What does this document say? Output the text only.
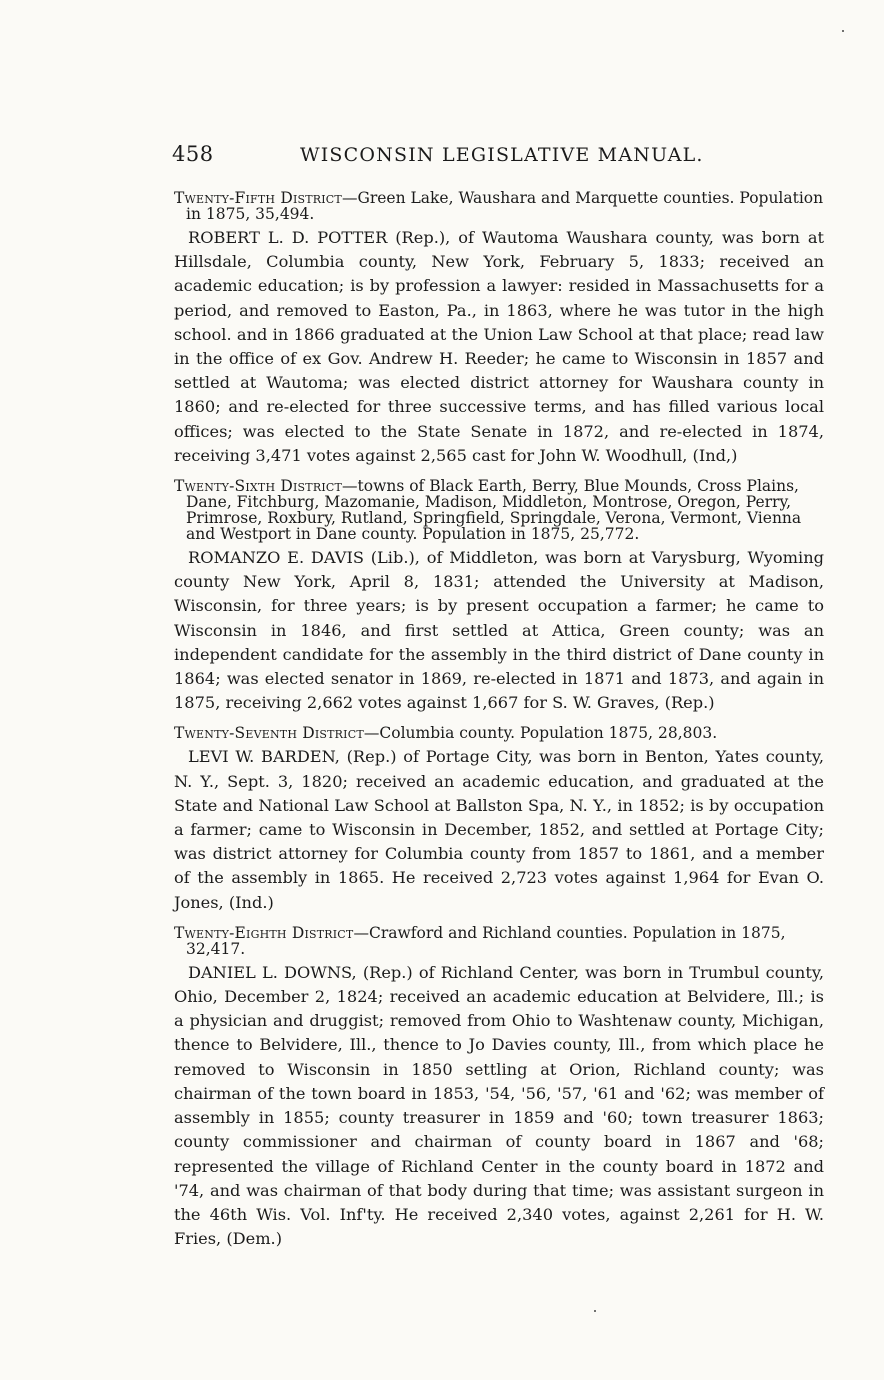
458	WISCONSIN LEGISLATIVE MANUAL.

Twenty-Fifth District—Green Lake, Waushara and Marquette counties. Population in 1875, 35,494.

ROBERT L. D. POTTER (Rep.), of Wautoma Waushara county, was born at Hillsdale, Columbia county, New York, February 5, 1833; received an academic education; is by profession a lawyer: resided in Massachusetts for a period, and removed to Easton, Pa., in 1863, where he was tutor in the high school. and in 1866 graduated at the Union Law School at that place; read law in the office of ex Gov. Andrew H. Reeder; he came to Wisconsin in 1857 and settled at Wautoma; was elected district attorney for Waushara county in 1860; and re-elected for three successive terms, and has filled various local offices; was elected to the State Senate in 1872, and re-elected in 1874, receiving 3,471 votes against 2,565 cast for John W. Woodhull, (Ind,)

Twenty-Sixth District—towns of Black Earth, Berry, Blue Mounds, Cross Plains, Dane, Fitchburg, Mazomanie, Madison, Middleton, Montrose, Oregon, Perry, Primrose, Roxbury, Rutland, Springfield, Springdale, Verona, Vermont, Vienna and Westport in Dane county. Population in 1875, 25,772.

ROMANZO E. DAVIS (Lib.), of Middleton, was born at Varysburg, Wyoming county New York, April 8, 1831; attended the University at Madison, Wisconsin, for three years; is by present occupation a farmer; he came to Wisconsin in 1846, and first settled at Attica, Green county; was an independent candidate for the assembly in the third district of Dane county in 1864; was elected senator in 1869, re-elected in 1871 and 1873, and again in 1875, receiving 2,662 votes against 1,667 for S. W. Graves, (Rep.)

Twenty-Seventh District—Columbia county. Population 1875, 28,803.

LEVI W. BARDEN, (Rep.) of Portage City, was born in Benton, Yates county, N. Y., Sept. 3, 1820; received an academic education, and graduated at the State and National Law School at Ballston Spa, N. Y., in 1852; is by occupation a farmer; came to Wisconsin in December, 1852, and settled at Portage City; was district attorney for Columbia county from 1857 to 1861, and a member of the assembly in 1865. He received 2,723 votes against 1,964 for Evan O. Jones, (Ind.)

Twenty-Eighth District—Crawford and Richland counties. Population in 1875, 32,417.

DANIEL L. DOWNS, (Rep.) of Richland Center, was born in Trumbul county, Ohio, December 2, 1824; received an academic education at Belvidere, Ill.; is a physician and druggist; removed from Ohio to Washtenaw county, Michigan, thence to Belvidere, Ill., thence to Jo Davies county, Ill., from which place he removed to Wisconsin in 1850 settling at Orion, Richland county; was chairman of the town board in 1853, '54, '56, '57, '61 and '62; was member of assembly in 1855; county treasurer in 1859 and '60; town treasurer 1863; county commissioner and chairman of county board in 1867 and '68; represented the village of Richland Center in the county board in 1872 and '74, and was chairman of that body during that time; was assistant surgeon in the 46th Wis. Vol. Inf'ty. He received 2,340 votes, against 2,261 for H. W. Fries, (Dem.)
